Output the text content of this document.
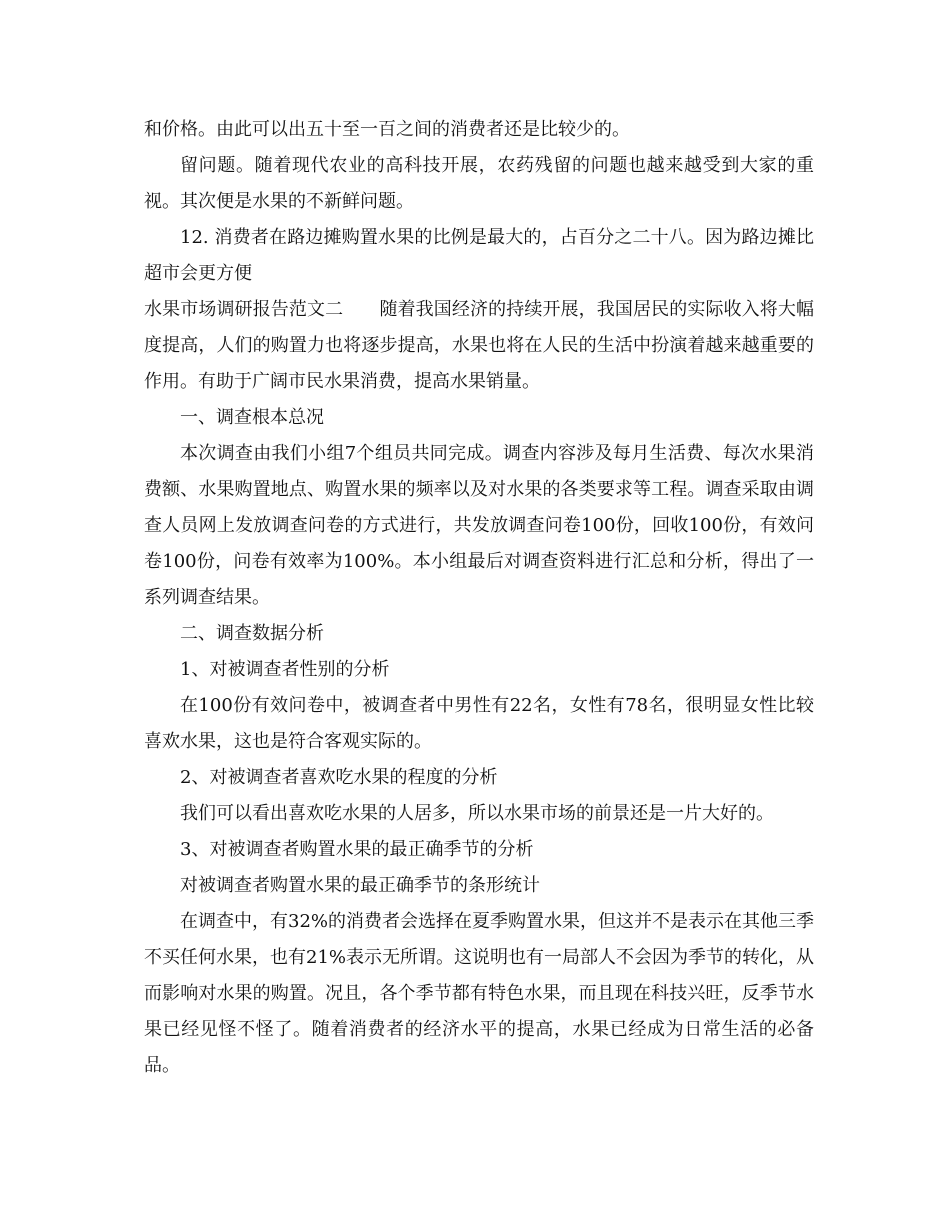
和价格。由此可以出五十至一百之间的消费者还是比较少的。

留问题。随着现代农业的高科技开展，农药残留的问题也越来越受到大家的重视。其次便是水果的不新鲜问题。

12. 消费者在路边摊购置水果的比例是最大的，占百分之二十八。因为路边摊比超市会更方便

水果市场调研报告范文二　　随着我国经济的持续开展，我国居民的实际收入将大幅度提高，人们的购置力也将逐步提高，水果也将在人民的生活中扮演着越来越重要的作用。有助于广阔市民水果消费，提高水果销量。

一、调查根本总况

本次调查由我们小组7个组员共同完成。调查内容涉及每月生活费、每次水果消费额、水果购置地点、购置水果的频率以及对水果的各类要求等工程。调查采取由调查人员网上发放调查问卷的方式进行，共发放调查问卷100份，回收100份，有效问卷100份，问卷有效率为100%。本小组最后对调查资料进行汇总和分析，得出了一系列调查结果。

二、调查数据分析

1、对被调查者性别的分析

在100份有效问卷中，被调查者中男性有22名，女性有78名，很明显女性比较喜欢水果，这也是符合客观实际的。

2、对被调查者喜欢吃水果的程度的分析

我们可以看出喜欢吃水果的人居多，所以水果市场的前景还是一片大好的。

3、对被调查者购置水果的最正确季节的分析

对被调查者购置水果的最正确季节的条形统计

在调查中，有32%的消费者会选择在夏季购置水果，但这并不是表示在其他三季不买任何水果，也有21%表示无所谓。这说明也有一局部人不会因为季节的转化，从而影响对水果的购置。况且，各个季节都有特色水果，而且现在科技兴旺，反季节水果已经见怪不怪了。随着消费者的经济水平的提高，水果已经成为日常生活的必备品。
